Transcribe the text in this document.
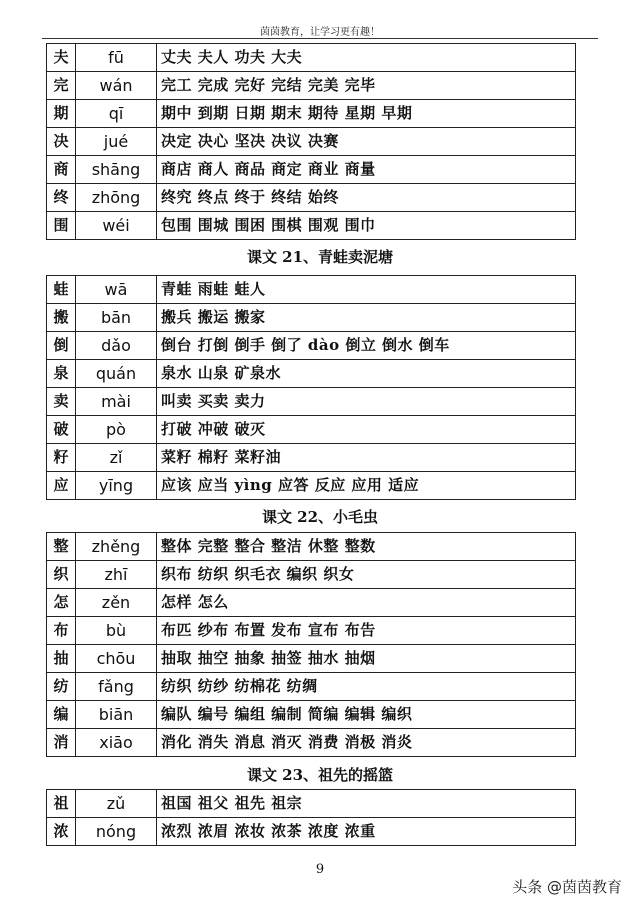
茵茵教育，让学习更有趣！
夫	fū	丈夫 夫人 功夫 大夫
完	wán	完工 完成 完好 完结 完美 完毕
期	qī	期中 到期 日期 期末 期待 星期 早期
决	jué	决定 决心 坚决 决议 决赛
商	shāng	商店 商人 商品 商定 商业 商量
终	zhōng	终究 终点 终于 终结 始终
围	wéi	包围 围城 围困 围棋 围观 围巾
课文 21、青蛙卖泥塘
蛙	wā	青蛙 雨蛙 蛙人
搬	bān	搬兵 搬运 搬家
倒	dǎo	倒台 打倒 倒手 倒了 dào 倒立 倒水 倒车
泉	quán	泉水 山泉 矿泉水
卖	mài	叫卖 买卖 卖力
破	pò	打破 冲破 破灭
籽	zǐ	菜籽 棉籽 菜籽油
应	yīng	应该 应当 yìng 应答 反应 应用 适应
课文 22、小毛虫
整	zhěng	整体 完整 整合 整洁 休整 整数
织	zhī	织布 纺织 织毛衣 编织 织女
怎	zěn	怎样 怎么
布	bù	布匹 纱布 布置 发布 宣布 布告
抽	chōu	抽取 抽空 抽象 抽签 抽水 抽烟
纺	fǎng	纺织 纺纱 纺棉花 纺绸
编	biān	编队 编号 编组 编制 简编 编辑 编织
消	xiāo	消化 消失 消息 消灭 消费 消极 消炎
课文 23、祖先的摇篮
祖	zǔ	祖国 祖父 祖先 祖宗
浓	nóng	浓烈 浓眉 浓妆 浓茶 浓度 浓重
9
头条 @茵茵教育
